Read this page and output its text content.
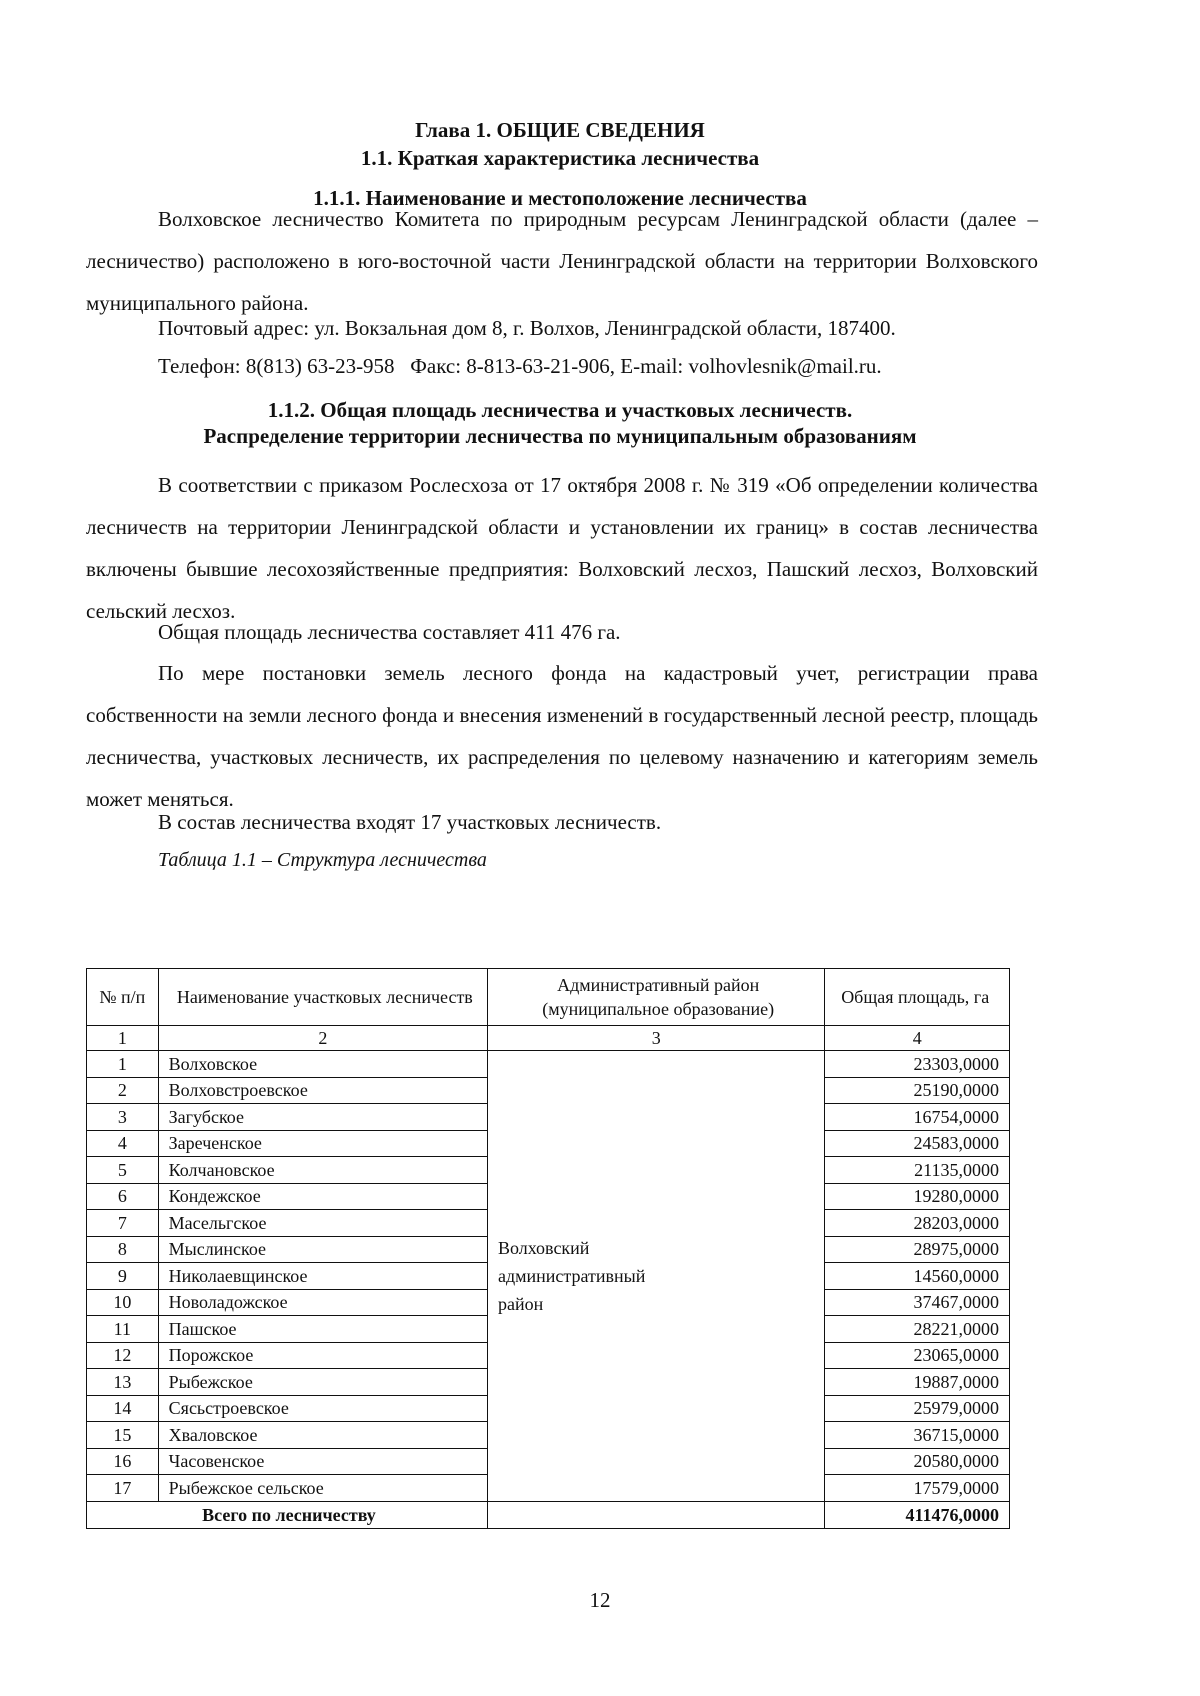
Глава 1. ОБЩИЕ СВЕДЕНИЯ
1.1. Краткая характеристика лесничества
1.1.1. Наименование и местоположение лесничества
Волховское лесничество Комитета по природным ресурсам Ленинградской области (далее – лесничество) расположено в юго-восточной части Ленинградской области на территории Волховского муниципального района.
Почтовый адрес: ул. Вокзальная дом 8, г. Волхов, Ленинградской области, 187400.
Телефон: 8(813) 63-23-958   Факс: 8-813-63-21-906, E-mail: volhovlesnik@mail.ru.
1.1.2. Общая площадь лесничества и участковых лесничеств.
Распределение территории лесничества по муниципальным образованиям
В соответствии с приказом Рослесхоза от 17 октября 2008 г. № 319 «Об определении количества лесничеств на территории Ленинградской области и установлении их границ» в состав лесничества включены бывшие лесохозяйственные предприятия: Волховский лесхоз, Пашский лесхоз, Волховский сельский лесхоз.
Общая площадь лесничества составляет 411 476 га.
По мере постановки земель лесного фонда на кадастровый учет, регистрации права собственности на земли лесного фонда и внесения изменений в государственный лесной реестр, площадь лесничества, участковых лесничеств, их распределения по целевому назначению и категориям земель может меняться.
В состав лесничества входят 17 участковых лесничеств.
Таблица 1.1 – Структура лесничества
№ п/п	Наименование участковых лесничеств	Административный район (муниципальное образование)	Общая площадь, га
1	2	3	4
1	Волховское	Волховский административный район	23303,0000
2	Волховстроевское		25190,0000
3	Загубское		16754,0000
4	Зареченское		24583,0000
5	Колчановское		21135,0000
6	Кондежское		19280,0000
7	Масельгское		28203,0000
8	Мыслинское		28975,0000
9	Николаевщинское		14560,0000
10	Новоладожское		37467,0000
11	Пашское		28221,0000
12	Порожское		23065,0000
13	Рыбежское		19887,0000
14	Сясьстроевское		25979,0000
15	Хваловское		36715,0000
16	Часовенское		20580,0000
17	Рыбежское сельское		17579,0000
Всего по лесничеству			411476,0000
12
